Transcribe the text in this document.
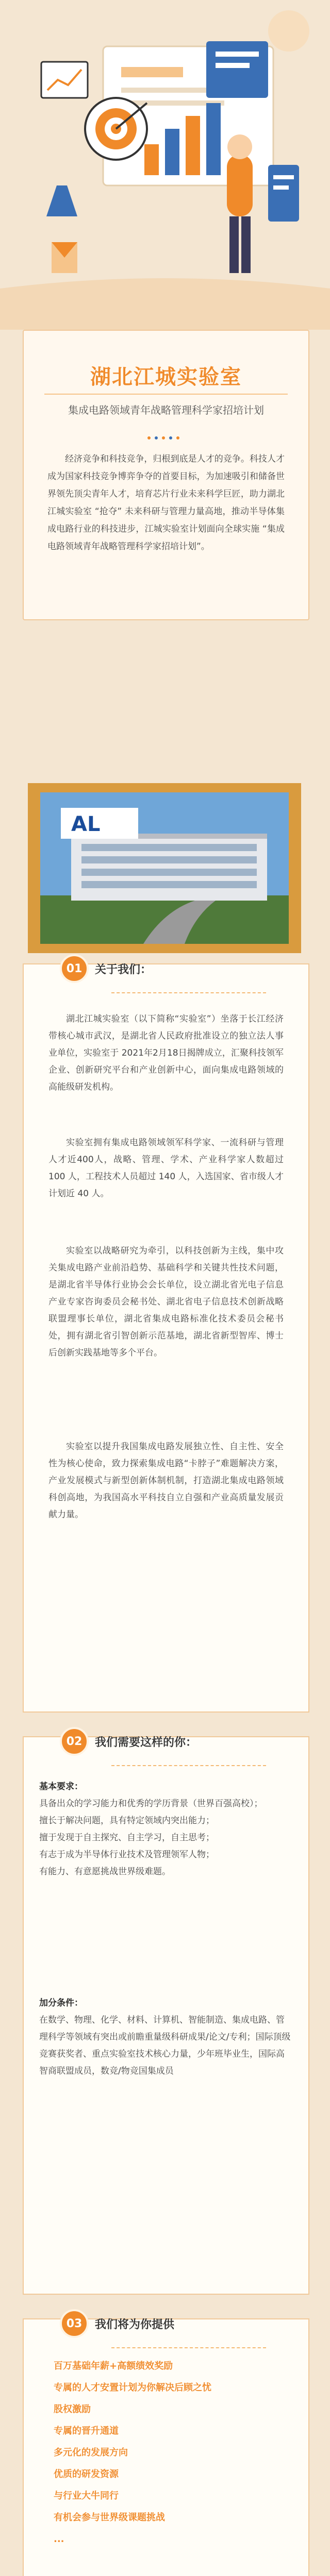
湖北江城实验室
集成电路领域青年战略管理科学家招培计划
经济竞争和科技竞争，归根到底是人才的竞争。科技人才成为国家科技竞争博弈争夺的首要目标，为加速吸引和储备世界领先顶尖青年人才，培育芯片行业未来科学巨匠，助力湖北江城实验室 “抢夺” 未来科研与管理力量高地，推动半导体集成电路行业的科技进步，江城实验室计划面向全球实施 “集成电路领域青年战略管理科学家招培计划”。
AL
01	关于我们：
湖北江城实验室（以下简称“实验室”）坐落于长江经济带核心城市武汉，是湖北省人民政府批准设立的独立法人事业单位，实验室于 2021年2月18日揭牌成立，汇聚科技领军企业、创新研究平台和产业创新中心，面向集成电路领域的高能级研发机构。
实验室拥有集成电路领域领军科学家、一流科研与管理人才近400人，战略、管理、学术、产业科学家人数超过 100 人，工程技术人员超过 140 人，入选国家、省市级人才计划近 40 人。
实验室以战略研究为牵引，以科技创新为主线，集中攻关集成电路产业前沿趋势、基础科学和关键共性技术问题，是湖北省半导体行业协会会长单位，设立湖北省光电子信息产业专家咨询委员会秘书处、湖北省电子信息技术创新战略联盟理事长单位，湖北省集成电路标准化技术委员会秘书处，拥有湖北省引智创新示范基地，湖北省新型智库、博士后创新实践基地等多个平台。
实验室以提升我国集成电路发展独立性、自主性、安全性为核心使命，致力探索集成电路“卡脖子”难题解决方案，产业发展模式与新型创新体制机制，打造湖北集成电路领域科创高地，为我国高水平科技自立自强和产业高质量发展贡献力量。
02	我们需要这样的你：
基本要求：
具备出众的学习能力和优秀的学历背景（世界百强高校）；
擅长于解决问题，具有特定领域内突出能力；
擅于发现于自主探究、自主学习，自主思考；
有志于成为半导体行业技术及管理领军人物；
有能力、有意愿挑战世界级难题。
加分条件：
在数学、物理、化学、材料、计算机、智能制造、集成电路、管理科学等领域有突出或前瞻重量级科研成果/论文/专利；国际顶级竞赛获奖者、重点实验室技术核心力量，少年班毕业生，国际高智商联盟成员，数竞/物竞国集成员
03	我们将为你提供
百万基础年薪+高额绩效奖励
专属的人才安置计划为你解决后顾之忧
股权激励
专属的晋升通道
多元化的发展方向
优质的研发资源
与行业大牛同行
有机会参与世界级课题挑战
...
